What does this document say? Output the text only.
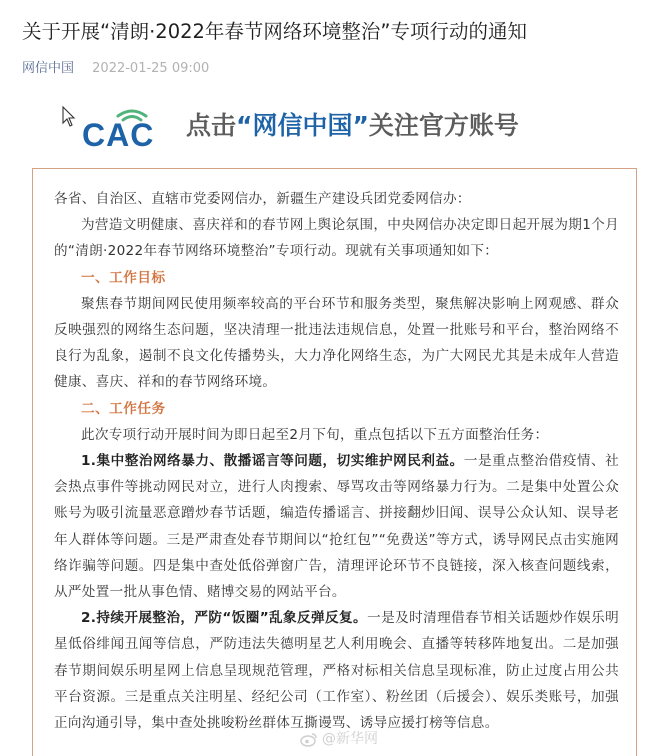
关于开展“清朗·2022年春节网络环境整治”专项行动的通知
网信中国 2022-01-25 09:00
CAC 点击“网信中国”关注官方账号
各省、自治区、直辖市党委网信办，新疆生产建设兵团党委网信办：
为营造文明健康、喜庆祥和的春节网上舆论氛围，中央网信办决定即日起开展为期1个月的“清朗·2022年春节网络环境整治”专项行动。现就有关事项通知如下：
一、工作目标
聚焦春节期间网民使用频率较高的平台环节和服务类型，聚焦解决影响上网观感、群众反映强烈的网络生态问题，坚决清理一批违法违规信息，处置一批账号和平台，整治网络不良行为乱象，遏制不良文化传播势头，大力净化网络生态，为广大网民尤其是未成年人营造健康、喜庆、祥和的春节网络环境。
二、工作任务
此次专项行动开展时间为即日起至2月下旬，重点包括以下五方面整治任务：
1.集中整治网络暴力、散播谣言等问题，切实维护网民利益。一是重点整治借疫情、社会热点事件等挑动网民对立，进行人肉搜索、辱骂攻击等网络暴力行为。二是集中处置公众账号为吸引流量恶意蹭炒春节话题，编造传播谣言、拼接翻炒旧闻、误导公众认知、误导老年人群体等问题。三是严肃查处春节期间以“抢红包”“免费送”等方式，诱导网民点击实施网络诈骗等问题。四是集中查处低俗弹窗广告，清理评论环节不良链接，深入核查问题线索，从严处置一批从事色情、赌博交易的网站平台。
2.持续开展整治，严防“饭圈”乱象反弹反复。一是及时清理借春节相关话题炒作娱乐明星低俗绯闻丑闻等信息，严防违法失德明星艺人利用晚会、直播等转移阵地复出。二是加强春节期间娱乐明星网上信息呈现规范管理，严格对标相关信息呈现标准，防止过度占用公共平台资源。三是重点关注明星、经纪公司（工作室）、粉丝团（后援会）、娱乐类账号，加强正向沟通引导，集中查处挑唆粉丝群体互撕谩骂、诱导应援打榜等信息。
@新华网
